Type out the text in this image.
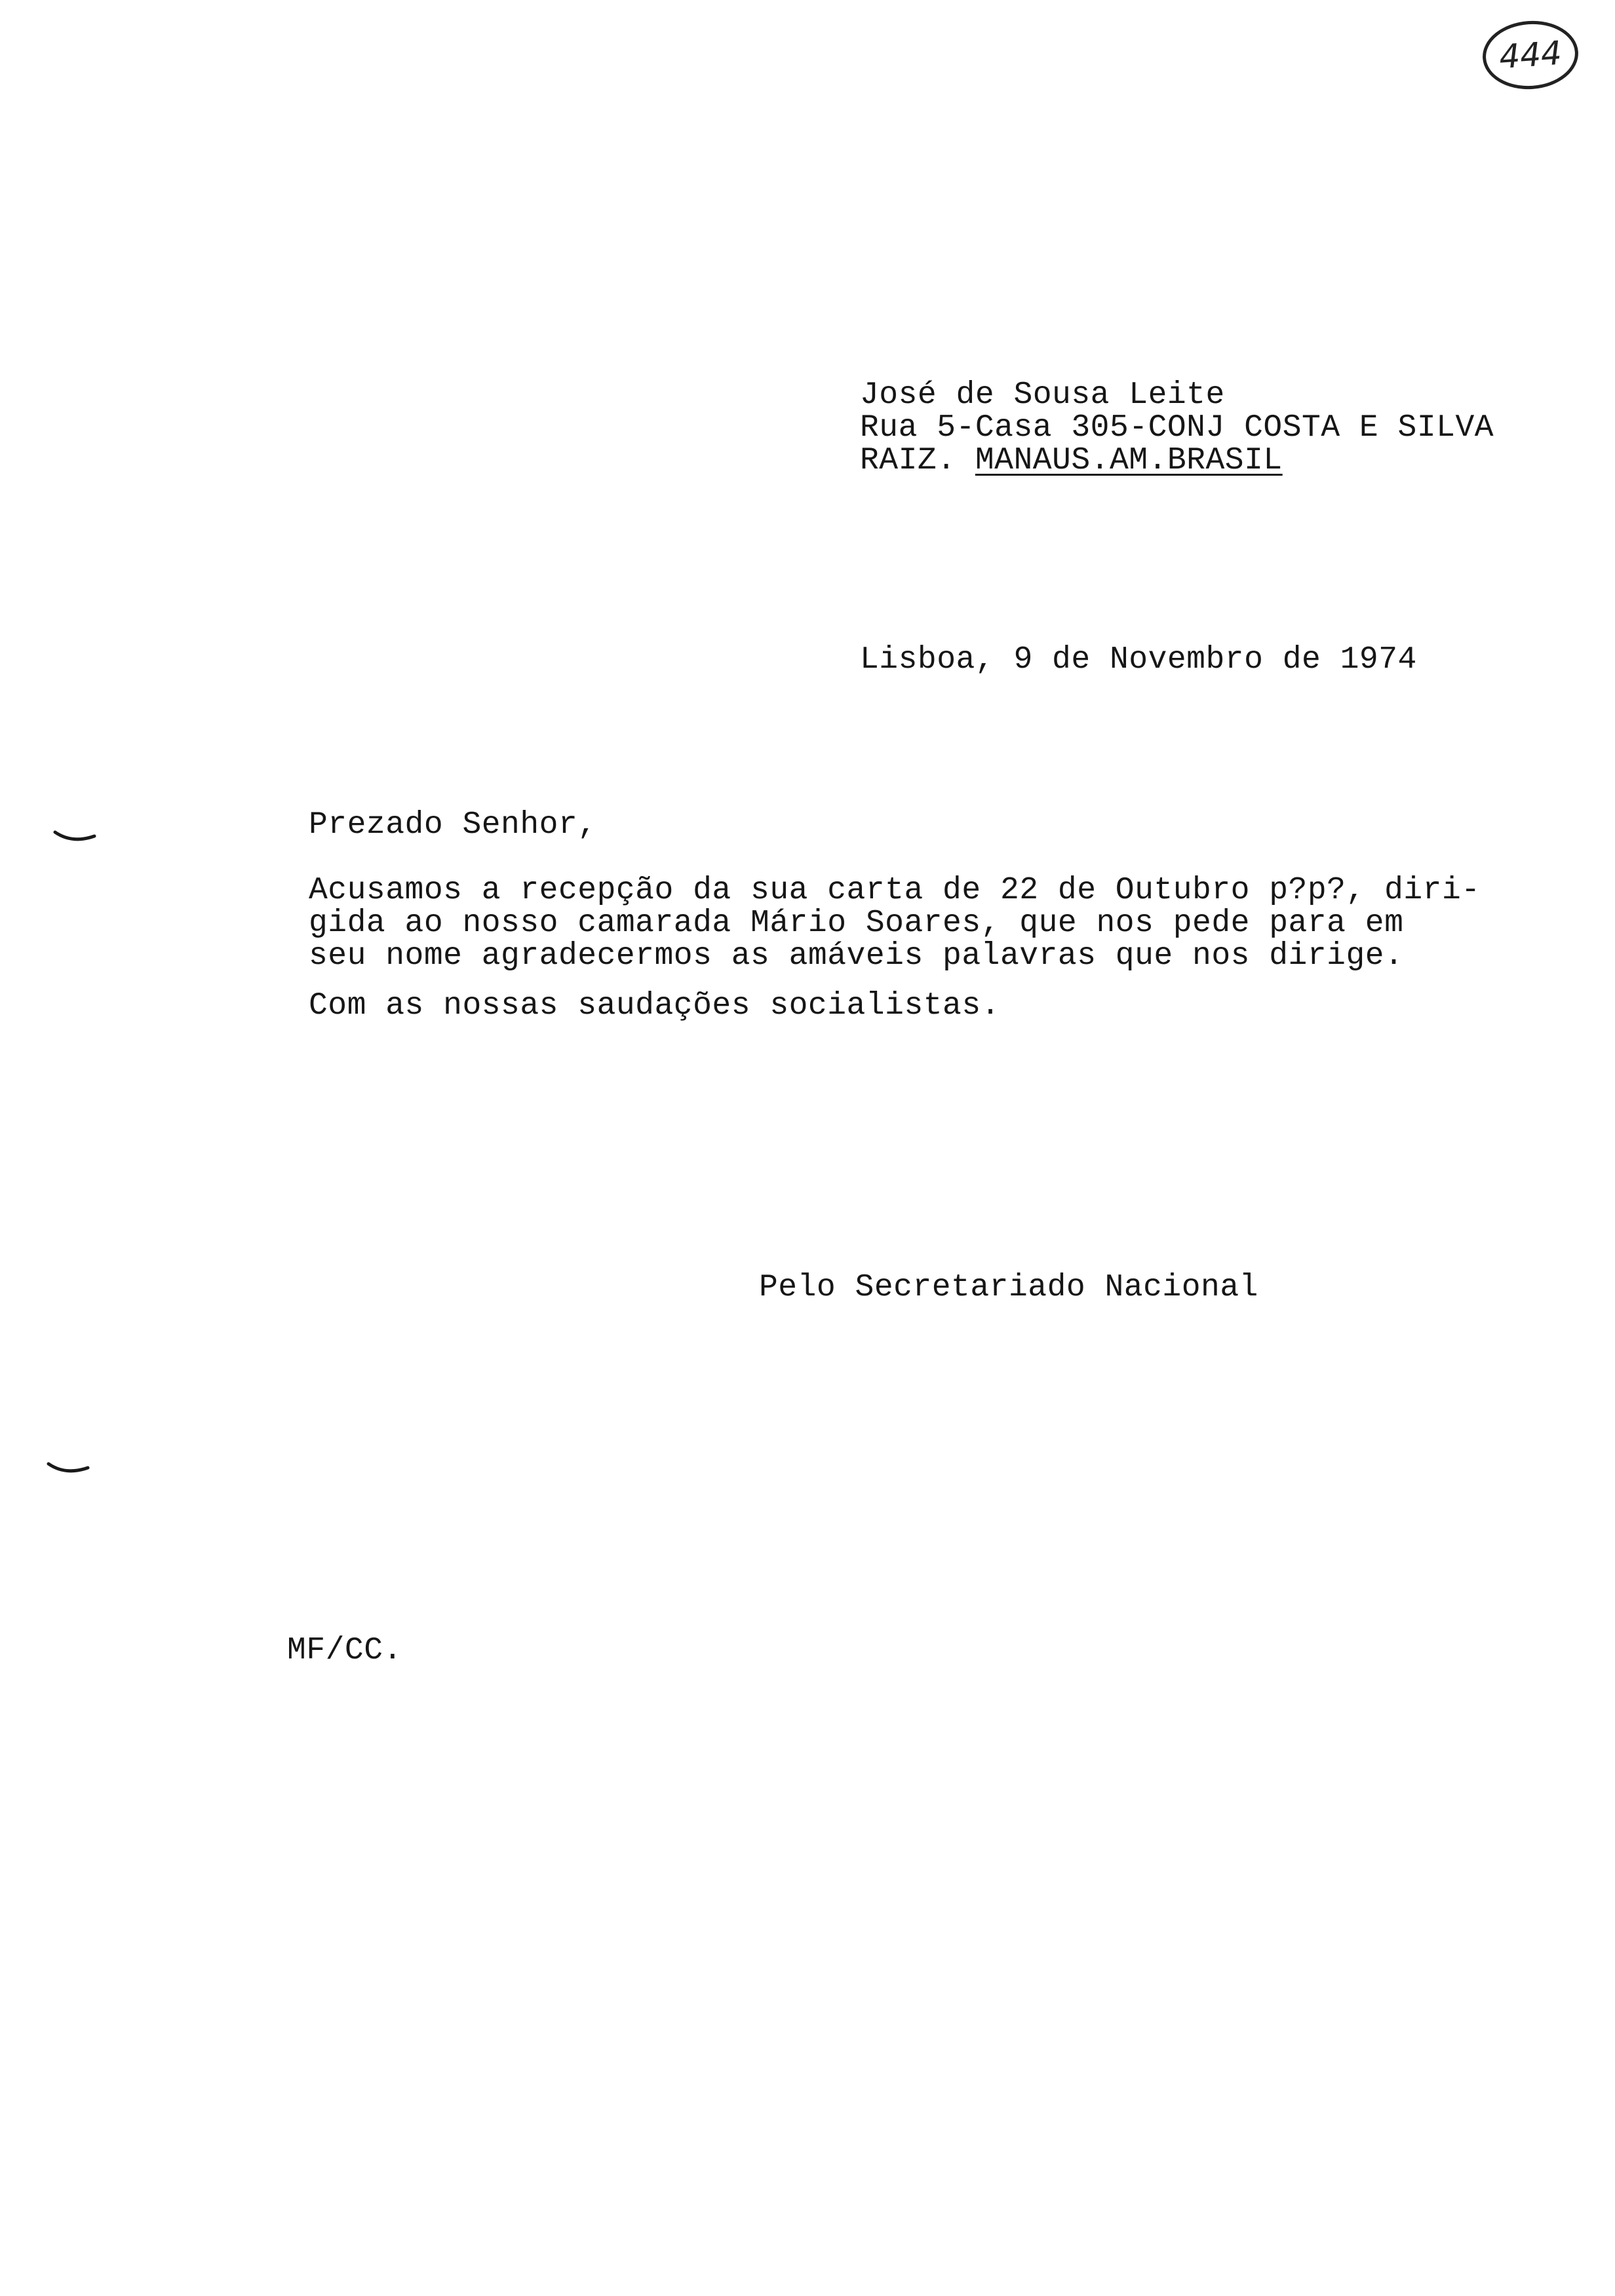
444
José de Sousa Leite
Rua 5-Casa 305-CONJ COSTA E SILVA
RAIZ. MANAUS.AM.BRASIL
Lisboa, 9 de Novembro de 1974
Prezado Senhor,
Acusamos a recepção da sua carta de 22 de Outubro p?p?, diri-
gida ao nosso camarada Mário Soares, que nos pede para em
seu nome agradecermos as amáveis palavras que nos dirige.
Com as nossas saudações socialistas.
Pelo Secretariado Nacional
MF/CC.
